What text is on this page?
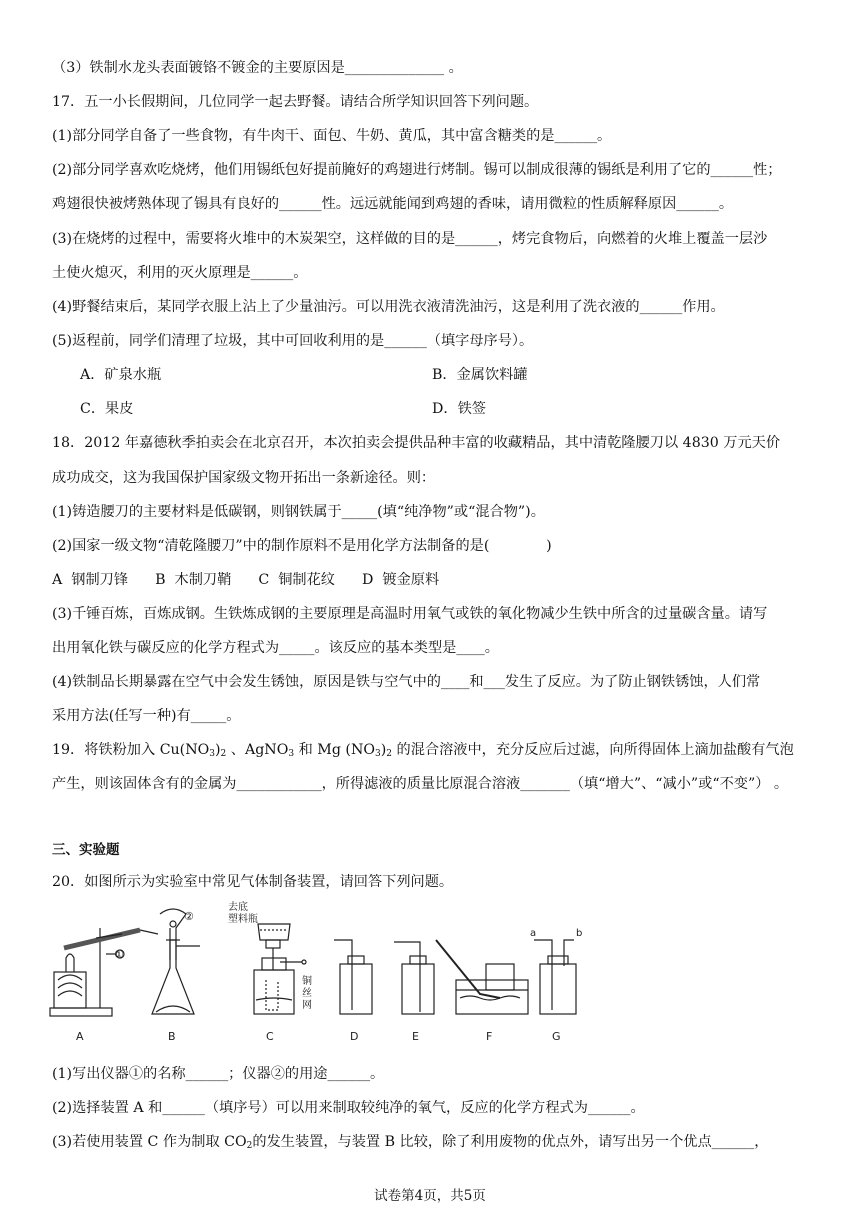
（3）铁制水龙头表面镀铬不镀金的主要原因是______________ 。
17．五一小长假期间，几位同学一起去野餐。请结合所学知识回答下列问题。
(1)部分同学自备了一些食物，有牛肉干、面包、牛奶、黄瓜，其中富含糖类的是______。
(2)部分同学喜欢吃烧烤，他们用锡纸包好提前腌好的鸡翅进行烤制。锡可以制成很薄的锡纸是利用了它的______性；
鸡翅很快被烤熟体现了锡具有良好的______性。远远就能闻到鸡翅的香味，请用微粒的性质解释原因______。
(3)在烧烤的过程中，需要将火堆中的木炭架空，这样做的目的是______，烤完食物后，向燃着的火堆上覆盖一层沙
土使火熄灭，利用的灭火原理是______。
(4)野餐结束后，某同学衣服上沾上了少量油污。可以用洗衣液清洗油污，这是利用了洗衣液的______作用。
(5)返程前，同学们清理了垃圾，其中可回收利用的是______（填字母序号）。
A．矿泉水瓶	B．金属饮料罐
C．果皮	D．铁签
18．2012 年嘉德秋季拍卖会在北京召开，本次拍卖会提供品种丰富的收藏精品，其中清乾隆腰刀以 4830 万元天价
成功成交，这为我国保护国家级文物开拓出一条新途径。则：
(1)铸造腰刀的主要材料是低碳钢，则钢铁属于_____(填“纯净物”或“混合物”)。
(2)国家一级文物“清乾隆腰刀”中的制作原料不是用化学方法制备的是(　　　　)
A  钢制刀锋      B  木制刀鞘      C  铜制花纹      D  镀金原料
(3)千锤百炼，百炼成钢。生铁炼成钢的主要原理是高温时用氧气或铁的氧化物减少生铁中所含的过量碳含量。请写
出用氧化铁与碳反应的化学方程式为_____。该反应的基本类型是____。
(4)铁制品长期暴露在空气中会发生锈蚀，原因是铁与空气中的____和___发生了反应。为了防止钢铁锈蚀，人们常
采用方法(任写一种)有_____。
19．将铁粉加入 $Cu(NO_3)_2$ 、AgNO$_3$ 和 Mg $(NO_3)_2$ 的混合溶液中，充分反应后过滤，向所得固体上滴加盐酸有气泡
产生，则该固体含有的金属为____________，所得滤液的质量比原混合溶液_______（填“增大”、“减小”或“不变”） 。
三、实验题
20．如图所示为实验室中常见气体制备装置，请回答下列问题。
A	B	C	D	E	F	G
①
②
去底
塑料瓶
铜
丝
网
a	b
(1)写出仪器①的名称______；仪器②的用途______。
(2)选择装置 A 和______（填序号）可以用来制取较纯净的氧气，反应的化学方程式为______。
(3)若使用装置 C 作为制取 $CO_2$的发生装置，与装置 B 比较，除了利用废物的优点外，请写出另一个优点______，
试卷第4页，共5页
